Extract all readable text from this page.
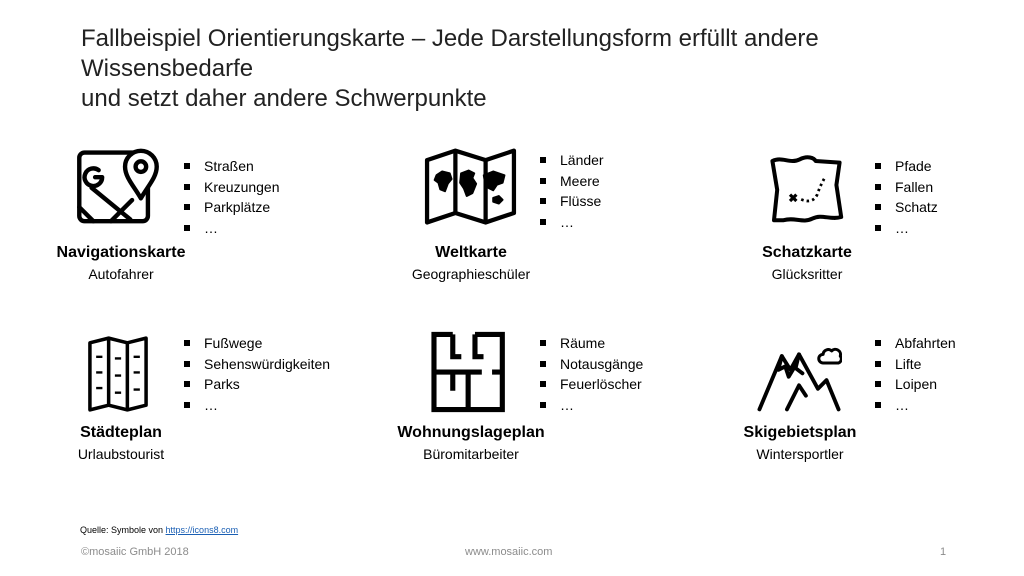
Fallbeispiel Orientierungskarte – Jede Darstellungsform erfüllt andere Wissensbedarfe
und setzt daher andere Schwerpunkte
Navigationskarte
Autofahrer
Straßen
Kreuzungen
Parkplätze
…
Weltkarte
Geographieschüler
Länder
Meere
Flüsse
…
Schatzkarte
Glücksritter
Pfade
Fallen
Schatz
…
Städteplan
Urlaubstourist
Fußwege
Sehenswürdigkeiten
Parks
…
Wohnungslageplan
Büromitarbeiter
Räume
Notausgänge
Feuerlöscher
…
Skigebietsplan
Wintersportler
Abfahrten
Lifte
Loipen
…
Quelle: Symbole von https://icons8.com
©mosaiic GmbH 2018	www.mosaiic.com	1
